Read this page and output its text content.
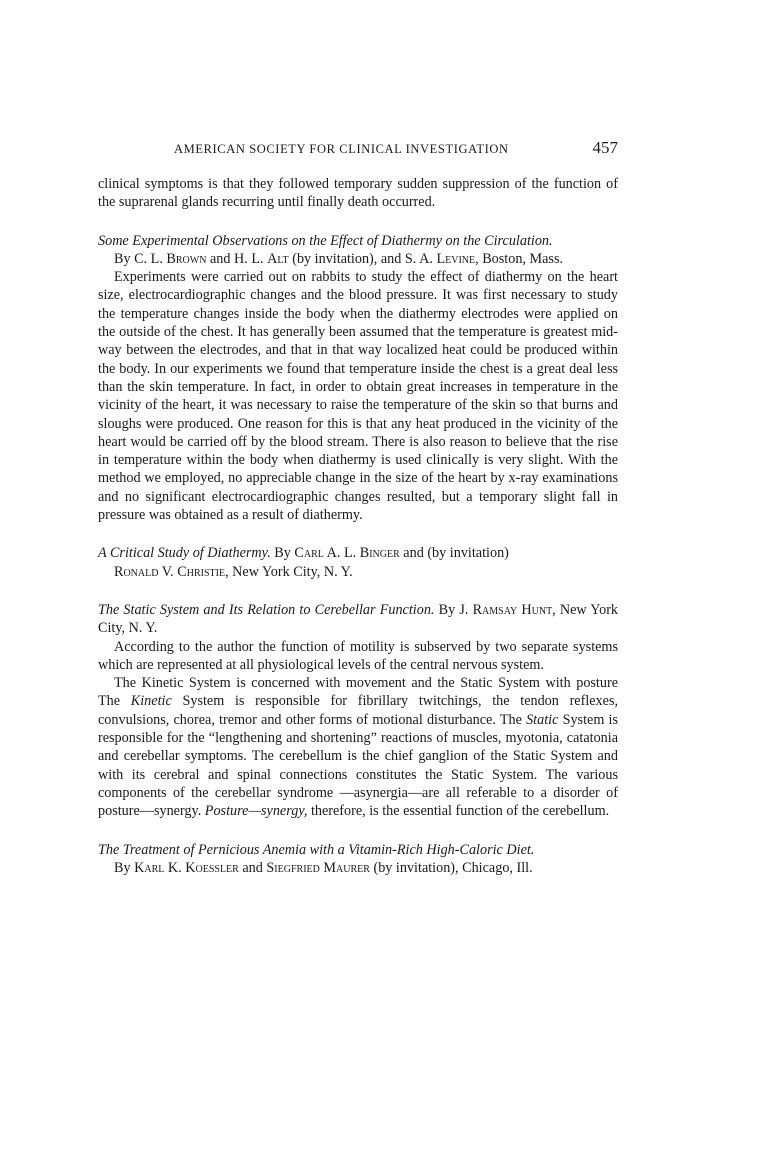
AMERICAN SOCIETY FOR CLINICAL INVESTIGATION	457

clinical symptoms is that they followed temporary sudden suppression of the function of the suprarenal glands recurring until finally death occurred.

Some Experimental Observations on the Effect of Diathermy on the Circulation.

By C. L. Brown and H. L. Alt (by invitation), and S. A. Levine, Boston, Mass.

Experiments were carried out on rabbits to study the effect of diathermy on the heart size, electrocardiographic changes and the blood pressure. It was first necessary to study the temperature changes inside the body when the diathermy electrodes were applied on the outside of the chest. It has generally been assumed that the temperature is greatest mid-way between the electrodes, and that in that way localized heat could be produced within the body. In our experiments we found that temperature inside the chest is a great deal less than the skin temperature. In fact, in order to obtain great increases in temperature in the vicinity of the heart, it was necessary to raise the temperature of the skin so that burns and sloughs were produced. One reason for this is that any heat produced in the vicinity of the heart would be carried off by the blood stream. There is also reason to believe that the rise in temperature within the body when diathermy is used clinically is very slight. With the method we employed, no appreciable change in the size of the heart by x-ray examinations and no significant electrocardiographic changes resulted, but a temporary slight fall in pressure was obtained as a result of diathermy.

A Critical Study of Diathermy. By Carl A. L. Binger and (by invitation)

Ronald V. Christie, New York City, N. Y.

The Static System and Its Relation to Cerebellar Function. By J. Ramsay Hunt, New York City, N. Y.

According to the author the function of motility is subserved by two separate systems which are represented at all physiological levels of the central nervous system.

The Kinetic System is concerned with movement and the Static System with posture The Kinetic System is responsible for fibrillary twitchings, the tendon reflexes, convulsions, chorea, tremor and other forms of motional disturbance. The Static System is responsible for the “lengthening and shortening” reactions of muscles, myotonia, catatonia and cerebellar symptoms. The cerebellum is the chief ganglion of the Static System and with its cerebral and spinal connections constitutes the Static System. The various components of the cerebellar syndrome —asynergia—are all referable to a disorder of posture—synergy. Posture—synergy, therefore, is the essential function of the cerebellum.

The Treatment of Pernicious Anemia with a Vitamin-Rich High-Caloric Diet.

By Karl K. Koessler and Siegfried Maurer (by invitation), Chicago, Ill.
